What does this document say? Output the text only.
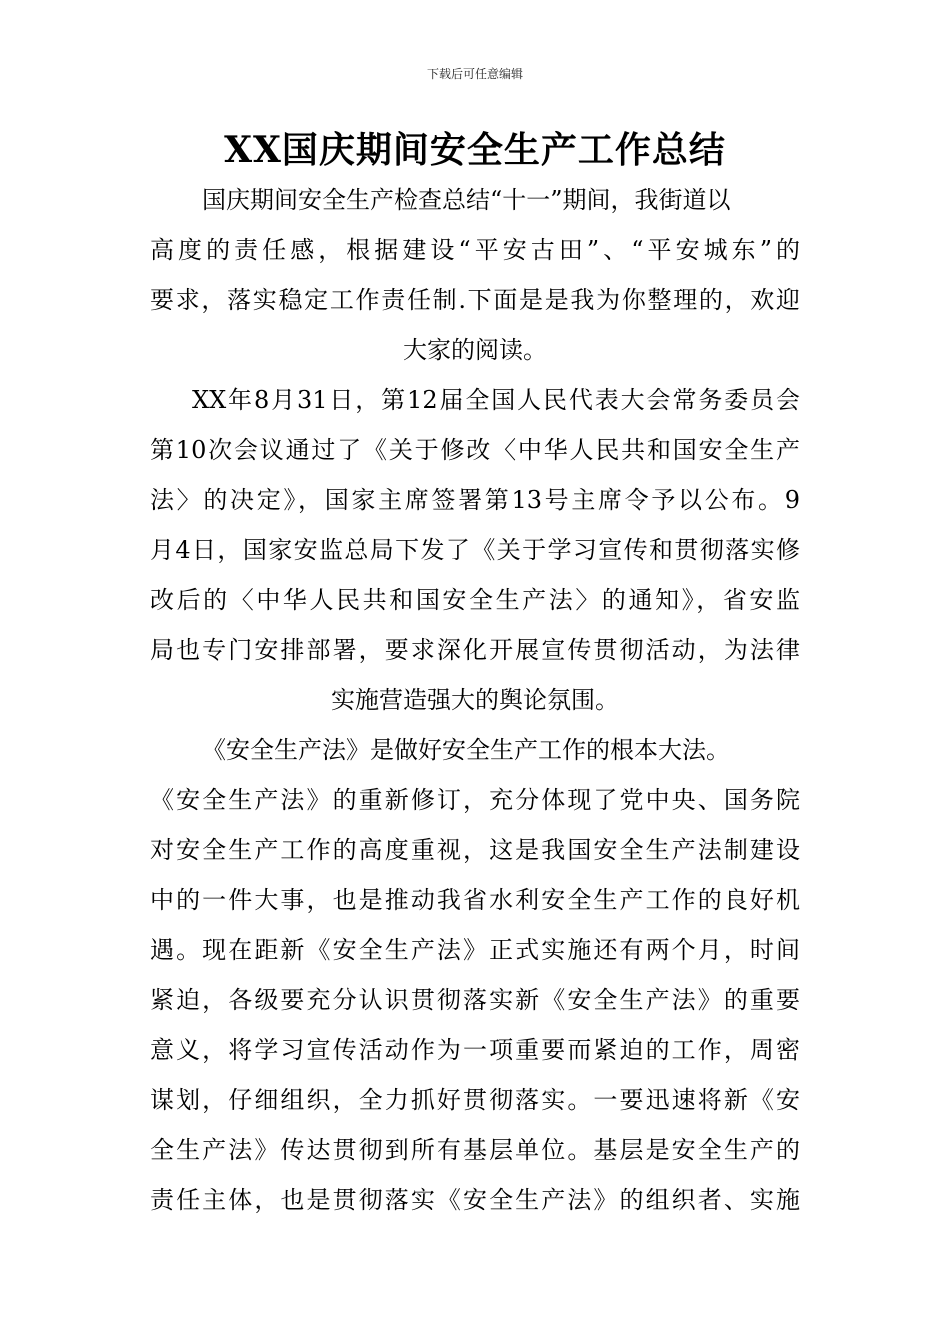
下载后可任意编辑
XX国庆期间安全生产工作总结
国庆期间安全生产检查总结“十一”期间，我街道以
高度的责任感，根据建设“平安古田”、“平安城东”的
要求，落实稳定工作责任制.下面是是我为你整理的，欢迎
大家的阅读。
XX年8月31日，第12届全国人民代表大会常务委员会
第10次会议通过了《关于修改〈中华人民共和国安全生产
法〉的决定》，国家主席签署第13号主席令予以公布。9
月4日，国家安监总局下发了《关于学习宣传和贯彻落实修
改后的〈中华人民共和国安全生产法〉的通知》，省安监
局也专门安排部署，要求深化开展宣传贯彻活动，为法律
实施营造强大的舆论氛围。
《安全生产法》是做好安全生产工作的根本大法。
《安全生产法》的重新修订，充分体现了党中央、国务院
对安全生产工作的高度重视，这是我国安全生产法制建设
中的一件大事，也是推动我省水利安全生产工作的良好机
遇。现在距新《安全生产法》正式实施还有两个月，时间
紧迫，各级要充分认识贯彻落实新《安全生产法》的重要
意义，将学习宣传活动作为一项重要而紧迫的工作，周密
谋划，仔细组织，全力抓好贯彻落实。一要迅速将新《安
全生产法》传达贯彻到所有基层单位。基层是安全生产的
责任主体，也是贯彻落实《安全生产法》的组织者、实施
